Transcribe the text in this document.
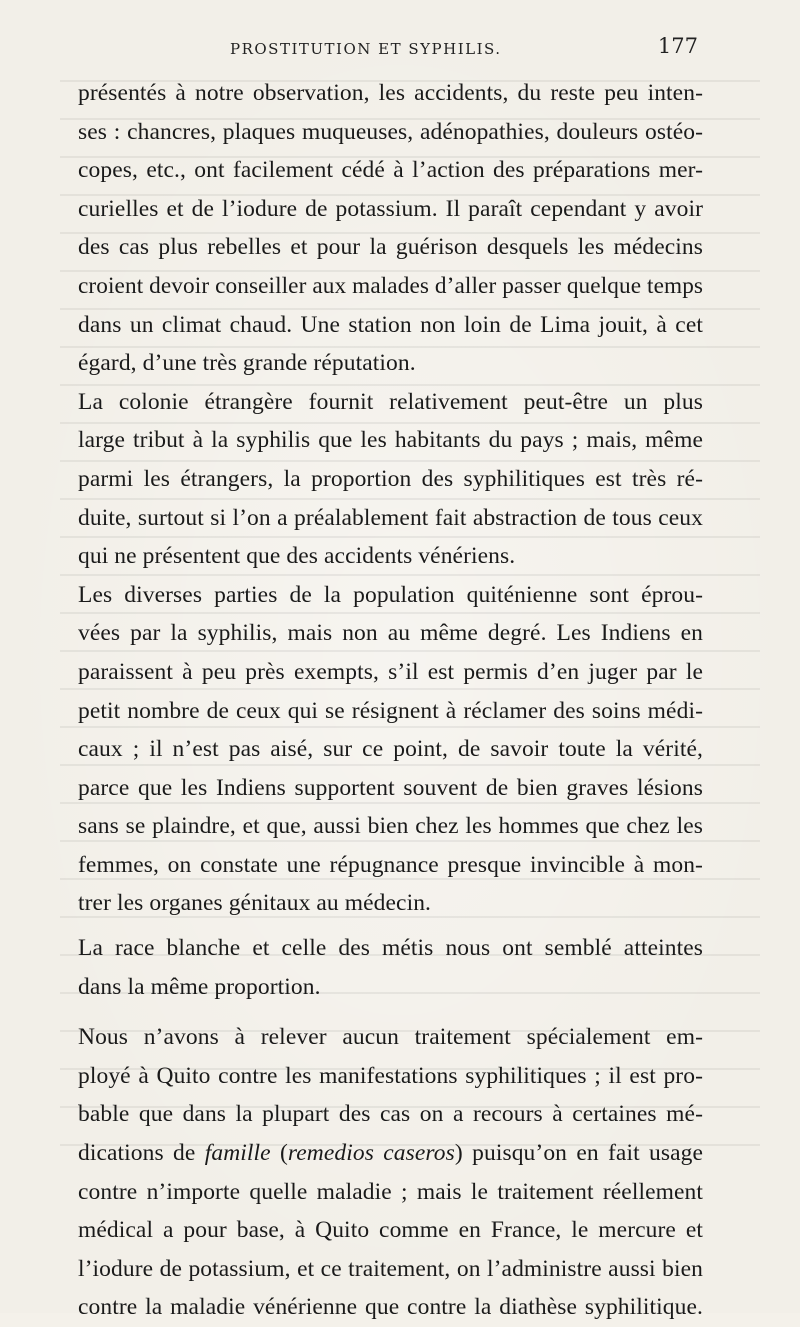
PROSTITUTION ET SYPHILIS.	177
présentés à notre observation, les accidents, du reste peu inten-
ses : chancres, plaques muqueuses, adénopathies, douleurs ostéo-
copes, etc., ont facilement cédé à l’action des préparations mer-
curielles et de l’iodure de potassium. Il paraît cependant y avoir
des cas plus rebelles et pour la guérison desquels les médecins
croient devoir conseiller aux malades d’aller passer quelque temps
dans un climat chaud. Une station non loin de Lima jouit, à cet
égard, d’une très grande réputation.
La colonie étrangère fournit relativement peut-être un plus
large tribut à la syphilis que les habitants du pays ; mais, même
parmi les étrangers, la proportion des syphilitiques est très ré-
duite, surtout si l’on a préalablement fait abstraction de tous ceux
qui ne présentent que des accidents vénériens.
Les diverses parties de la population quiténienne sont éprou-
vées par la syphilis, mais non au même degré. Les Indiens en
paraissent à peu près exempts, s’il est permis d’en juger par le
petit nombre de ceux qui se résignent à réclamer des soins médi-
caux ; il n’est pas aisé, sur ce point, de savoir toute la vérité,
parce que les Indiens supportent souvent de bien graves lésions
sans se plaindre, et que, aussi bien chez les hommes que chez les
femmes, on constate une répugnance presque invincible à mon-
trer les organes génitaux au médecin.
La race blanche et celle des métis nous ont semblé atteintes
dans la même proportion.
Nous n’avons à relever aucun traitement spécialement em-
ployé à Quito contre les manifestations syphilitiques ; il est pro-
bable que dans la plupart des cas on a recours à certaines mé-
dications de famille (remedios caseros) puisqu’on en fait usage
contre n’importe quelle maladie ; mais le traitement réellement
médical a pour base, à Quito comme en France, le mercure et
l’iodure de potassium, et ce traitement, on l’administre aussi bien
contre la maladie vénérienne que contre la diathèse syphilitique.
